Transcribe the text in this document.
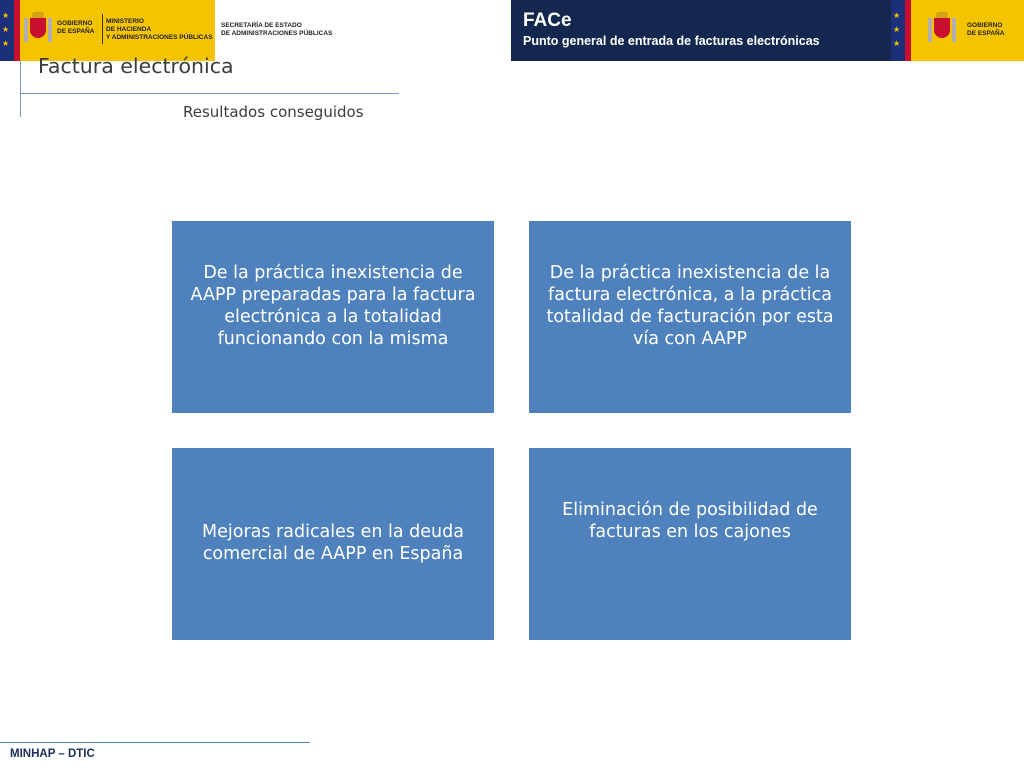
★
★
★
GOBIERNO
DE ESPAÑA
MINISTERIO
DE HACIENDA
Y ADMINISTRACIONES PÚBLICAS
SECRETARÍA DE ESTADO
DE ADMINISTRACIONES PÚBLICAS
FACe
Punto general de entrada de facturas electrónicas
★
★
★
GOBIERNO
DE ESPAÑA
Factura electrónica
Resultados conseguidos
De la práctica inexistencia de AAPP preparadas para la factura electrónica a la totalidad funcionando con la misma
De la práctica inexistencia de la factura electrónica, a la práctica totalidad de facturación por esta vía con AAPP
Mejoras radicales en la deuda comercial de AAPP en España
Eliminación de posibilidad de facturas en los cajones
MINHAP – DTIC
